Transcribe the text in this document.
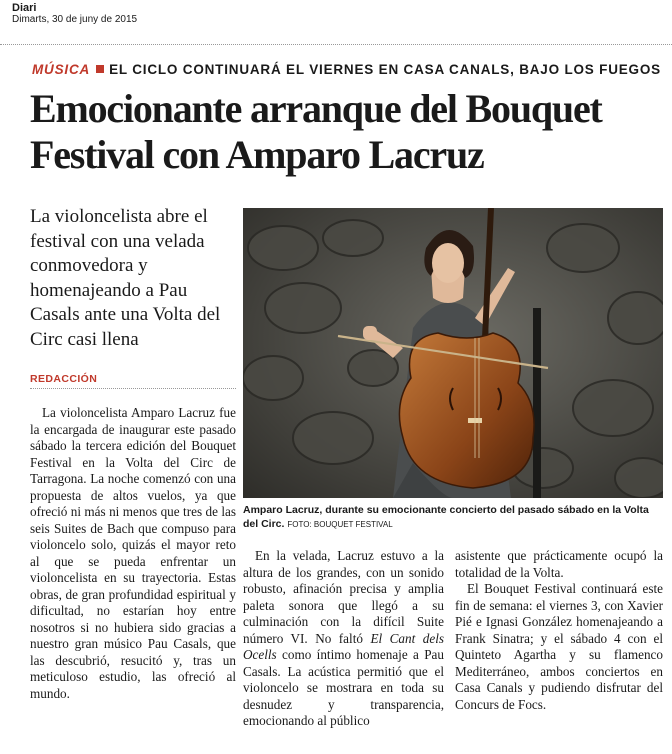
Diari
Dimarts, 30 de juny de 2015
MÚSICA EL CICLO CONTINUARÁ EL VIERNES EN CASA CANALS, BAJO LOS FUEGOS
Emocionante arranque del Bouquet Festival con Amparo Lacruz
La violoncelista abre el festival con una velada conmovedora y homenajeando a Pau Casals ante una Volta del Circ casi llena
REDACCIÓN

La violoncelista Amparo Lacruz fue la encargada de inaugurar este pasado sábado la tercera edición del Bouquet Festival en la Volta del Circ de Tarragona. La noche comenzó con una propuesta de altos vuelos, ya que ofreció ni más ni menos que tres de las seis Suites de Bach que compuso para violoncelo solo, quizás el mayor reto al que se pueda enfrentar un violoncelista en su trayectoria. Estas obras, de gran profundidad espiritual y dificultad, no estarían hoy entre nosotros si no hubiera sido gracias a nuestro gran músico Pau Casals, que las descubrió, resucitó y, tras un meticuloso estudio, las ofreció al mundo.

Amparo Lacruz, durante su emocionante concierto del pasado sábado en la Volta del Circ. FOTO: BOUQUET FESTIVAL

En la velada, Lacruz estuvo a la altura de los grandes, con un sonido robusto, afinación precisa y amplia paleta sonora que llegó a su culminación con la difícil Suite número VI. No faltó El Cant dels Ocells como íntimo homenaje a Pau Casals. La acústica permitió que el violoncelo se mostrara en toda su desnudez y transparencia, emocionando al público

asistente que prácticamente ocupó la totalidad de la Volta.

El Bouquet Festival continuará este fin de semana: el viernes 3, con Xavier Pié e Ignasi González homenajeando a Frank Sinatra; y el sábado 4 con el Quinteto Agartha y su flamenco Mediterráneo, ambos conciertos en Casa Canals y pudiendo disfrutar del Concurs de Focs.
